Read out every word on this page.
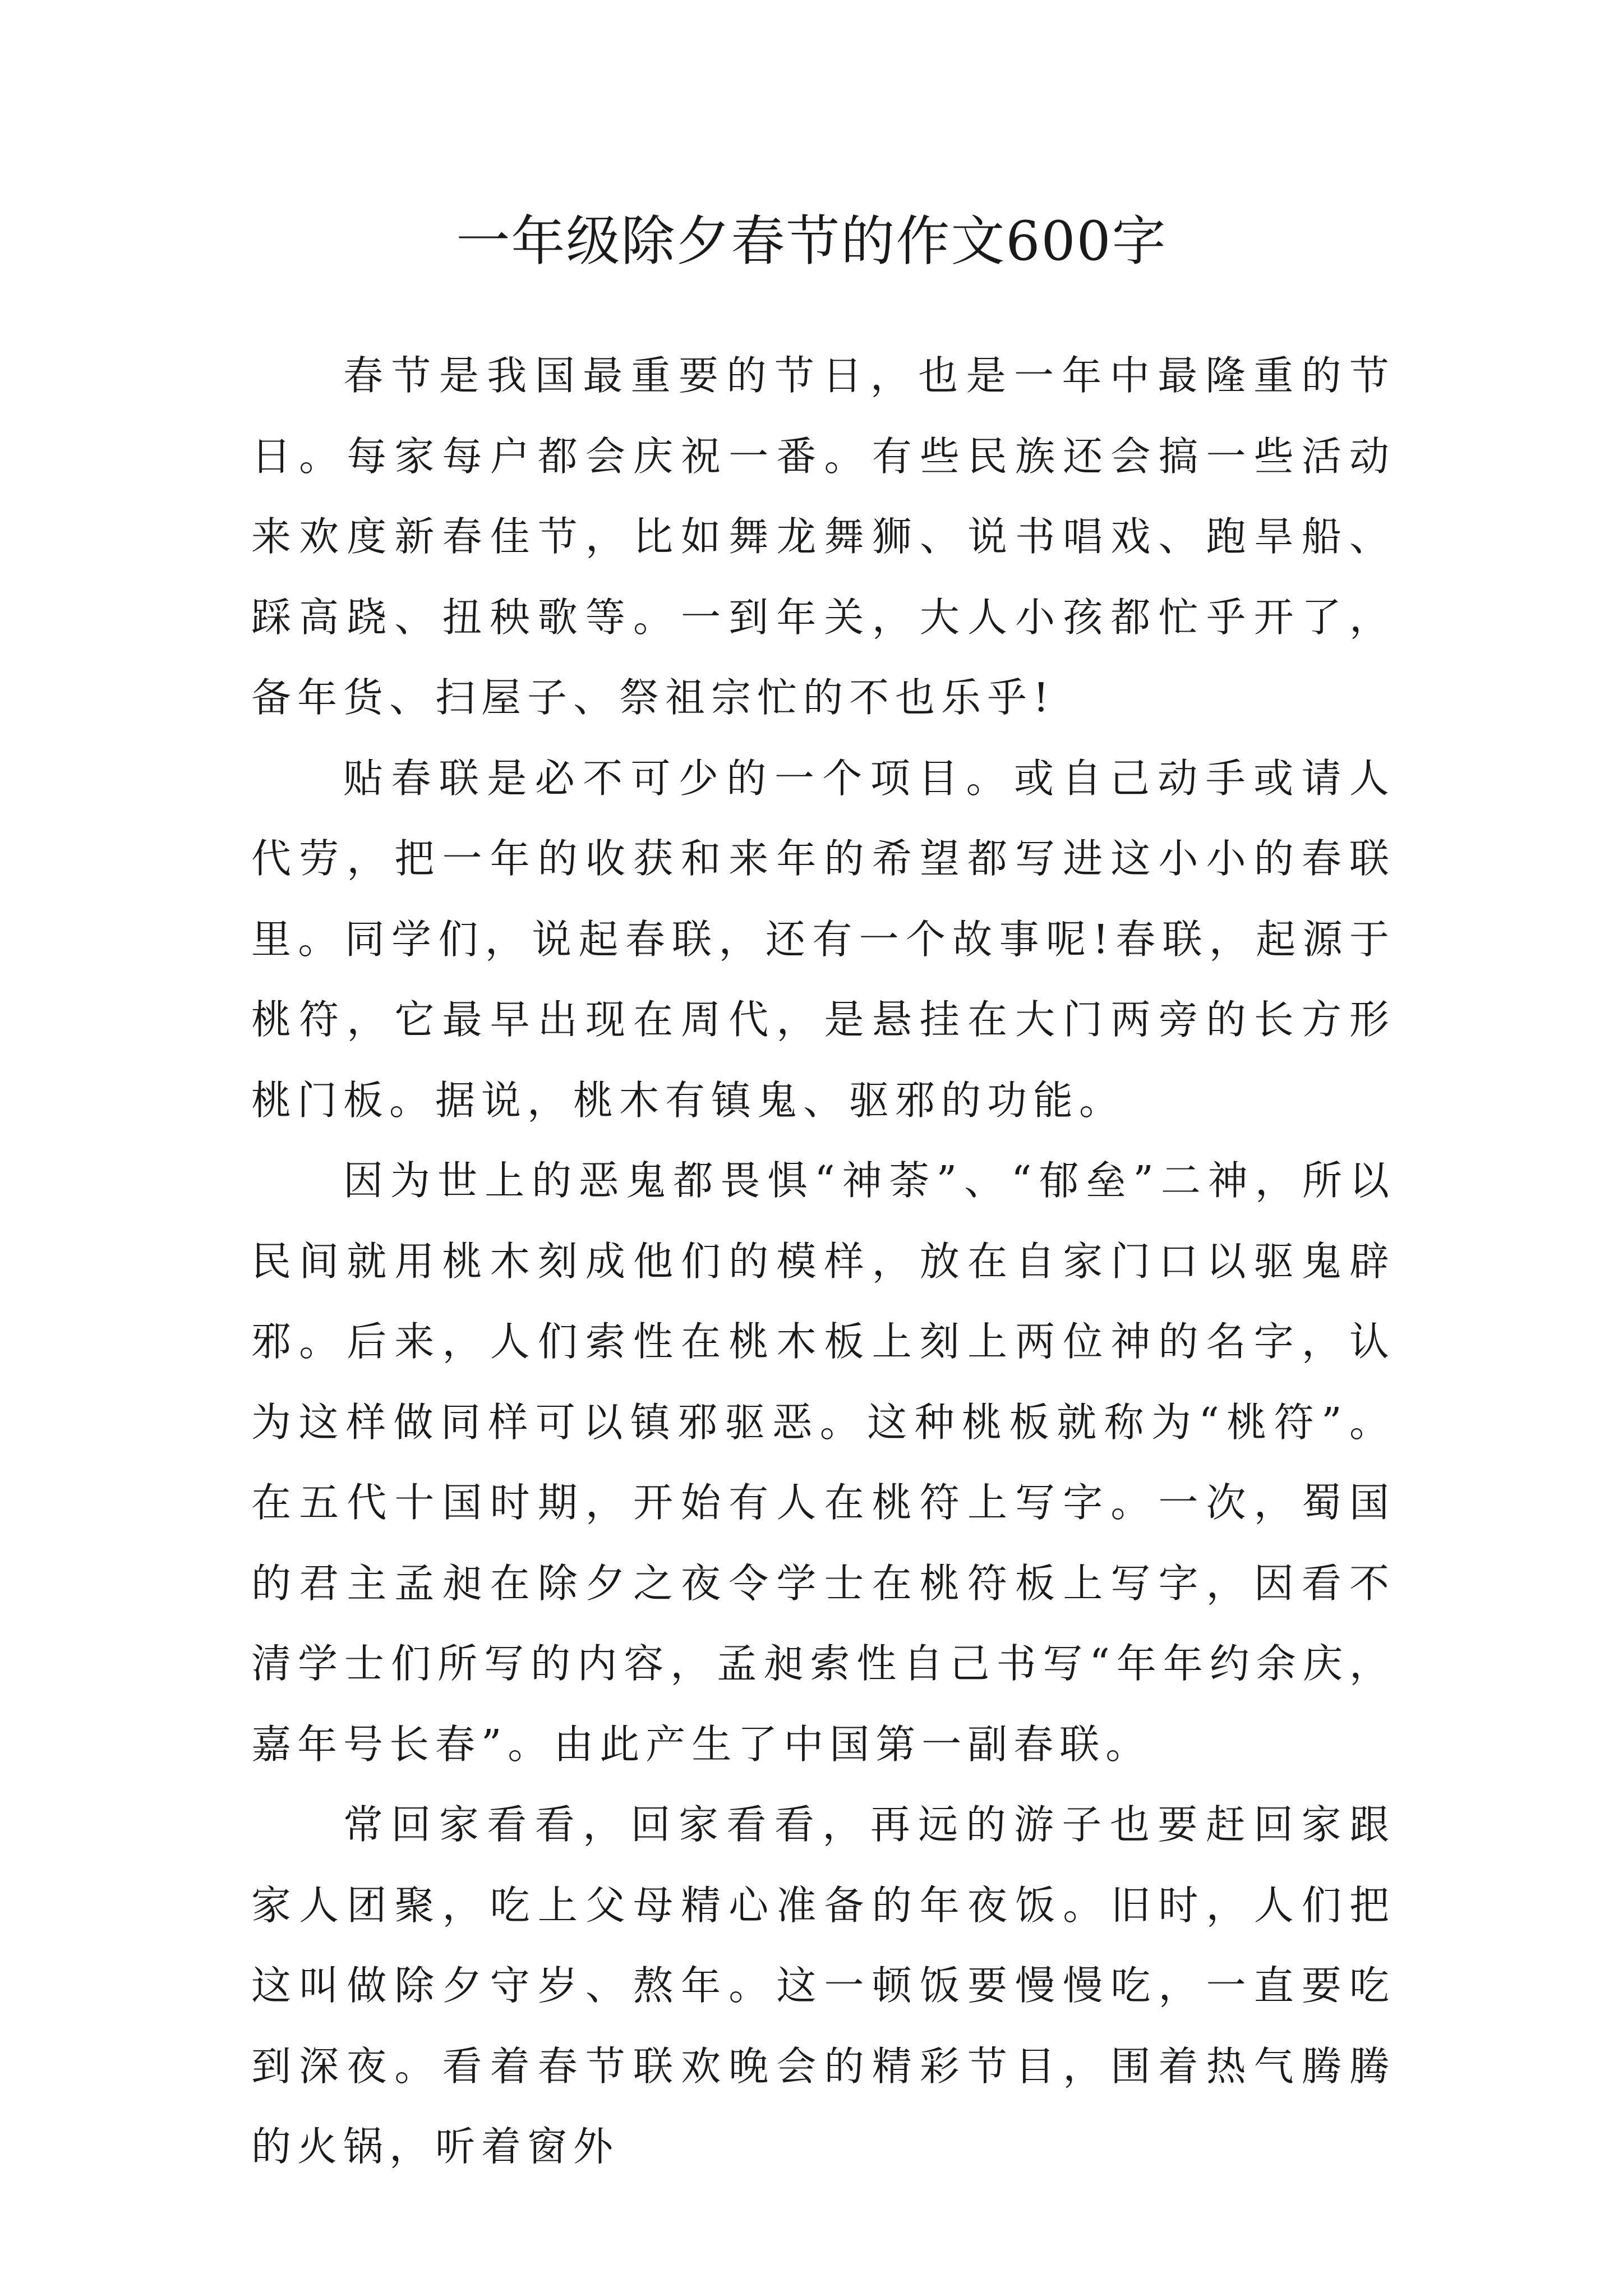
一年级除夕春节的作文600字

春节是我国最重要的节日，也是一年中最隆重的节日。每家每户都会庆祝一番。有些民族还会搞一些活动来欢度新春佳节，比如舞龙舞狮、说书唱戏、跑旱船、踩高跷、扭秧歌等。一到年关，大人小孩都忙乎开了，备年货、扫屋子、祭祖宗忙的不也乐乎!

贴春联是必不可少的一个项目。或自己动手或请人代劳，把一年的收获和来年的希望都写进这小小的春联里。同学们，说起春联，还有一个故事呢!春联，起源于桃符，它最早出现在周代，是悬挂在大门两旁的长方形桃门板。据说，桃木有镇鬼、驱邪的功能。

因为世上的恶鬼都畏惧“神荼”、“郁垒”二神，所以民间就用桃木刻成他们的模样，放在自家门口以驱鬼辟邪。后来，人们索性在桃木板上刻上两位神的名字，认为这样做同样可以镇邪驱恶。这种桃板就称为“桃符”。在五代十国时期，开始有人在桃符上写字。一次，蜀国的君主孟昶在除夕之夜令学士在桃符板上写字，因看不清学士们所写的内容，孟昶索性自己书写“年年约余庆，嘉年号长春”。由此产生了中国第一副春联。

常回家看看，回家看看，再远的游子也要赶回家跟家人团聚，吃上父母精心准备的年夜饭。旧时，人们把这叫做除夕守岁、熬年。这一顿饭要慢慢吃，一直要吃到深夜。看着春节联欢晚会的精彩节目，围着热气腾腾的火锅，听着窗外
